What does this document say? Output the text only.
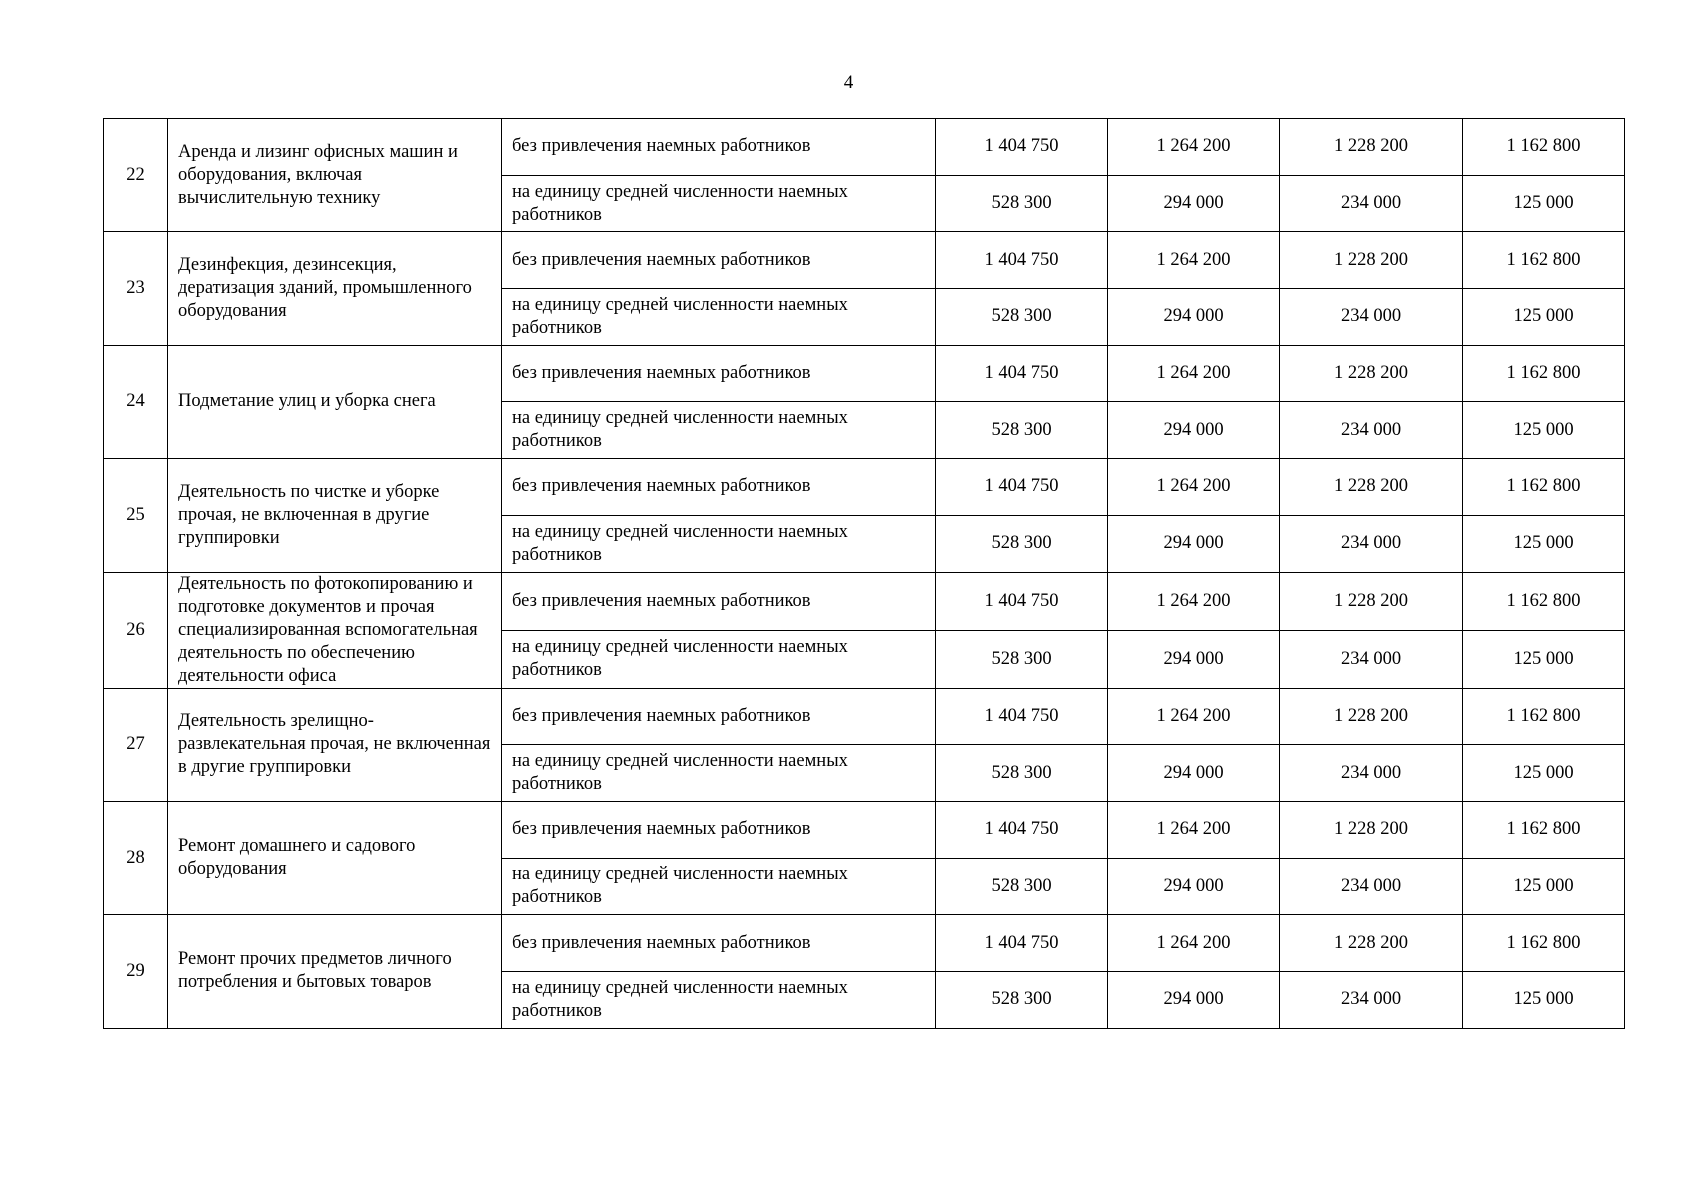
4
22	Аренда и лизинг офисных машин и оборудования, включая вычислительную технику	без привлечения наемных работников	1 404 750	1 264 200	1 228 200	1 162 800
		на единицу средней численности наемных работников	528 300	294 000	234 000	125 000
23	Дезинфекция, дезинсекция, дератизация зданий, промышленного оборудования	без привлечения наемных работников	1 404 750	1 264 200	1 228 200	1 162 800
		на единицу средней численности наемных работников	528 300	294 000	234 000	125 000
24	Подметание улиц и уборка снега	без привлечения наемных работников	1 404 750	1 264 200	1 228 200	1 162 800
		на единицу средней численности наемных работников	528 300	294 000	234 000	125 000
25	Деятельность по чистке и уборке прочая, не включенная в другие группировки	без привлечения наемных работников	1 404 750	1 264 200	1 228 200	1 162 800
		на единицу средней численности наемных работников	528 300	294 000	234 000	125 000
26	Деятельность по фотокопированию и подготовке документов и прочая специализированная вспомогательная деятельность по обеспечению деятельности офиса	без привлечения наемных работников	1 404 750	1 264 200	1 228 200	1 162 800
		на единицу средней численности наемных работников	528 300	294 000	234 000	125 000
27	Деятельность зрелищно-развлекательная прочая, не включенная в другие группировки	без привлечения наемных работников	1 404 750	1 264 200	1 228 200	1 162 800
		на единицу средней численности наемных работников	528 300	294 000	234 000	125 000
28	Ремонт домашнего и садового оборудования	без привлечения наемных работников	1 404 750	1 264 200	1 228 200	1 162 800
		на единицу средней численности наемных работников	528 300	294 000	234 000	125 000
29	Ремонт прочих предметов личного потребления и бытовых товаров	без привлечения наемных работников	1 404 750	1 264 200	1 228 200	1 162 800
		на единицу средней численности наемных работников	528 300	294 000	234 000	125 000
